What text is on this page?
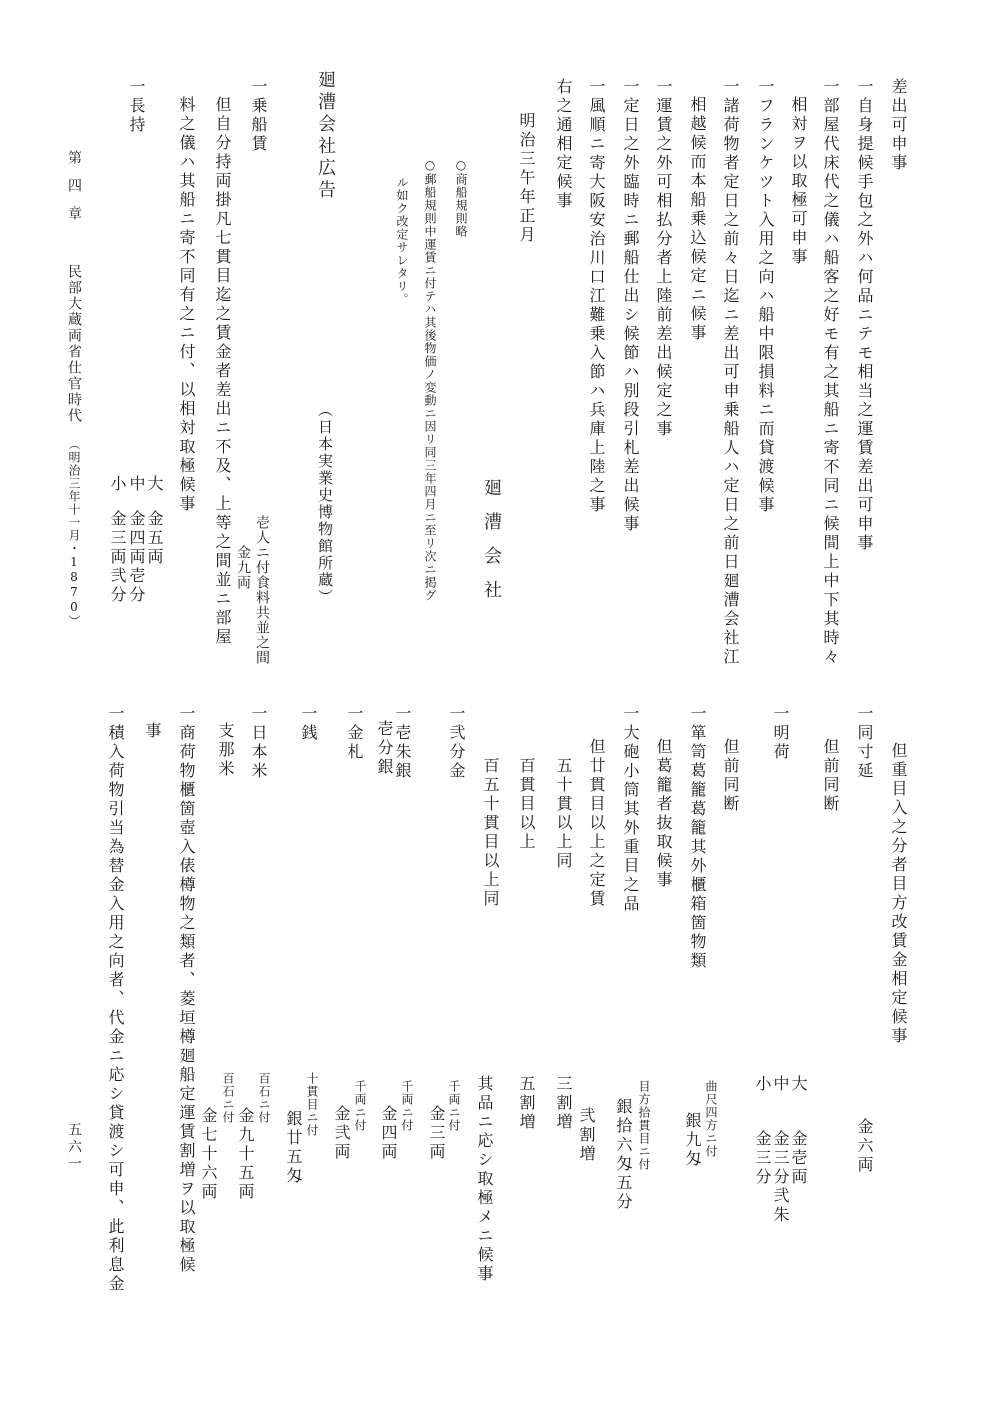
差出可申事
一自身提候手包之外ハ何品ニテモ相当之運賃差出可申事
一部屋代床代之儀ハ船客之好モ有之其船ニ寄不同ニ候間上中下其時々
相対ヲ以取極可申事
一フランケツト入用之向ハ船中限損料ニ而貸渡候事
一諸荷物者定日之前々日迄ニ差出可申乗船人ハ定日之前日廻漕会社江
相越候而本船乗込候定ニ候事
一運賃之外可相払分者上陸前差出候定之事
一定日之外臨時ニ郵船仕出シ候節ハ別段引札差出候事
一風順ニ寄大阪安治川口江難乗入節ハ兵庫上陸之事
右之通相定候事
明治三午年正月
廻漕会社
○商船規則略
○郵船規則中運賃ニ付テハ其後物価ノ変動ニ因リ同三年四月ニ至リ次ニ掲グ
ル如ク改定サレタリ。
廻漕会社広告
（日本実業史博物館所蔵）
一乗船賃
壱人ニ付食料共並之間
金九両
但自分持両掛凡七貫目迄之賃金者差出ニ不及、上等之間並ニ部屋
料之儀ハ其船ニ寄不同有之ニ付、以相対取極候事
一長持
大
金五両
中
金四両壱分
小
金三両弐分
但重目入之分者目方改賃金相定候事
一同寸延
金六両
但前同断
一明荷
大
金壱両
中
金三分弐朱
小
金三分
但前同断
一箪笥葛籠葛籠其外櫃箱箇物類
曲尺四方ニ付
銀九匁
但葛籠者抜取候事
一大砲小筒其外重目之品
目方拾貫目ニ付
銀拾六匁五分
但廿貫目以上之定賃
弐割増
五十貫以上同
三割増
百貫目以上
五割増
百五十貫目以上同
其品ニ応シ取極メニ候事
一弐分金
千両ニ付
金三両
一壱朱銀
壱分銀
千両ニ付
金四両
一金札
千両ニ付
金弐両
一銭
十貫目ニ付
銀廿五匁
一日本米
百石ニ付
金九十五両
支那米
百石ニ付
金七十六両
一商荷物櫃箇壺入俵樽物之類者、菱垣樽廻船定運賃割増ヲ以取極候
事
一積入荷物引当為替金入用之向者、代金ニ応シ貸渡シ可申、此利息金
第四章
民部大蔵両省仕官時代
（明治三年十一月・1870）
五六一
